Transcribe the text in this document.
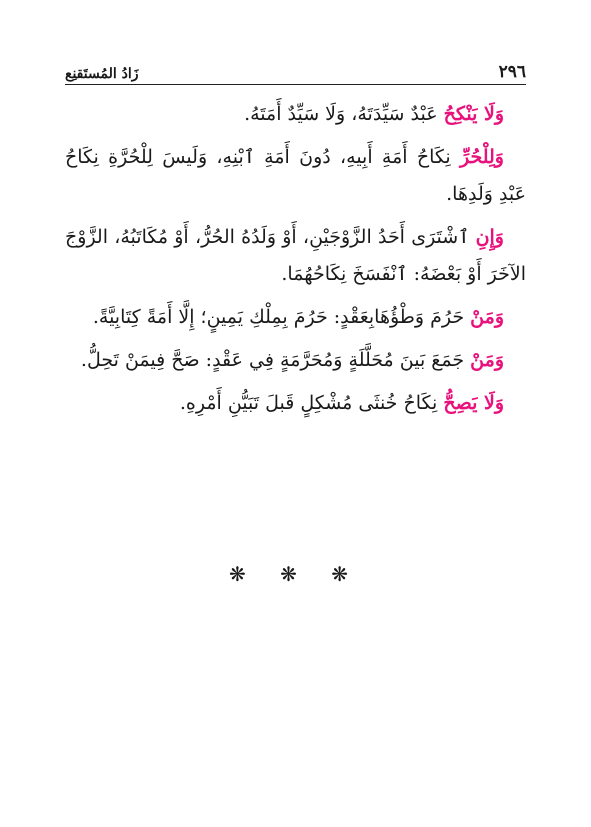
٢٩٦
زَادُ المُستَقنِع

وَلَا يَنْكِحُ عَبْدٌ سَيِّدَتَهُ، وَلَا سَيِّدٌ أَمَتَهُ.

وَلِلْحُرِّ نِكَاحُ أَمَةِ أَبِيهِ، دُونَ أَمَةِ ٱبْنِهِ، وَلَيسَ لِلْحُرَّةِ نِكَاحُ عَبْدِ وَلَدِهَا.

وَإِنِ ٱشْتَرَى أَحَدُ الزَّوْجَيْنِ، أَوْ وَلَدُهُ الحُرُّ، أَوْ مُكَاتَبُهُ، الزَّوْجَ الآخَرَ أَوْ بَعْضَهُ: ٱنْفَسَخَ نِكَاحُهُمَا.

وَمَنْ حَرُمَ وَطْؤُهَابِعَقْدٍ: حَرُمَ بِمِلْكِ يَمِينٍ؛ إِلَّا أَمَةً كِتَابِيَّةً.

وَمَنْ جَمَعَ بَينَ مُحَلَّلَةٍ وَمُحَرَّمَةٍ فِي عَقْدٍ: صَحَّ فِيمَنْ تَحِلُّ.

وَلَا يَصِحُّ نِكَاحُ خُنثَى مُشْكِلٍ قَبلَ تَبَيُّنِ أَمْرِهِ.

❋ ❋ ❋
